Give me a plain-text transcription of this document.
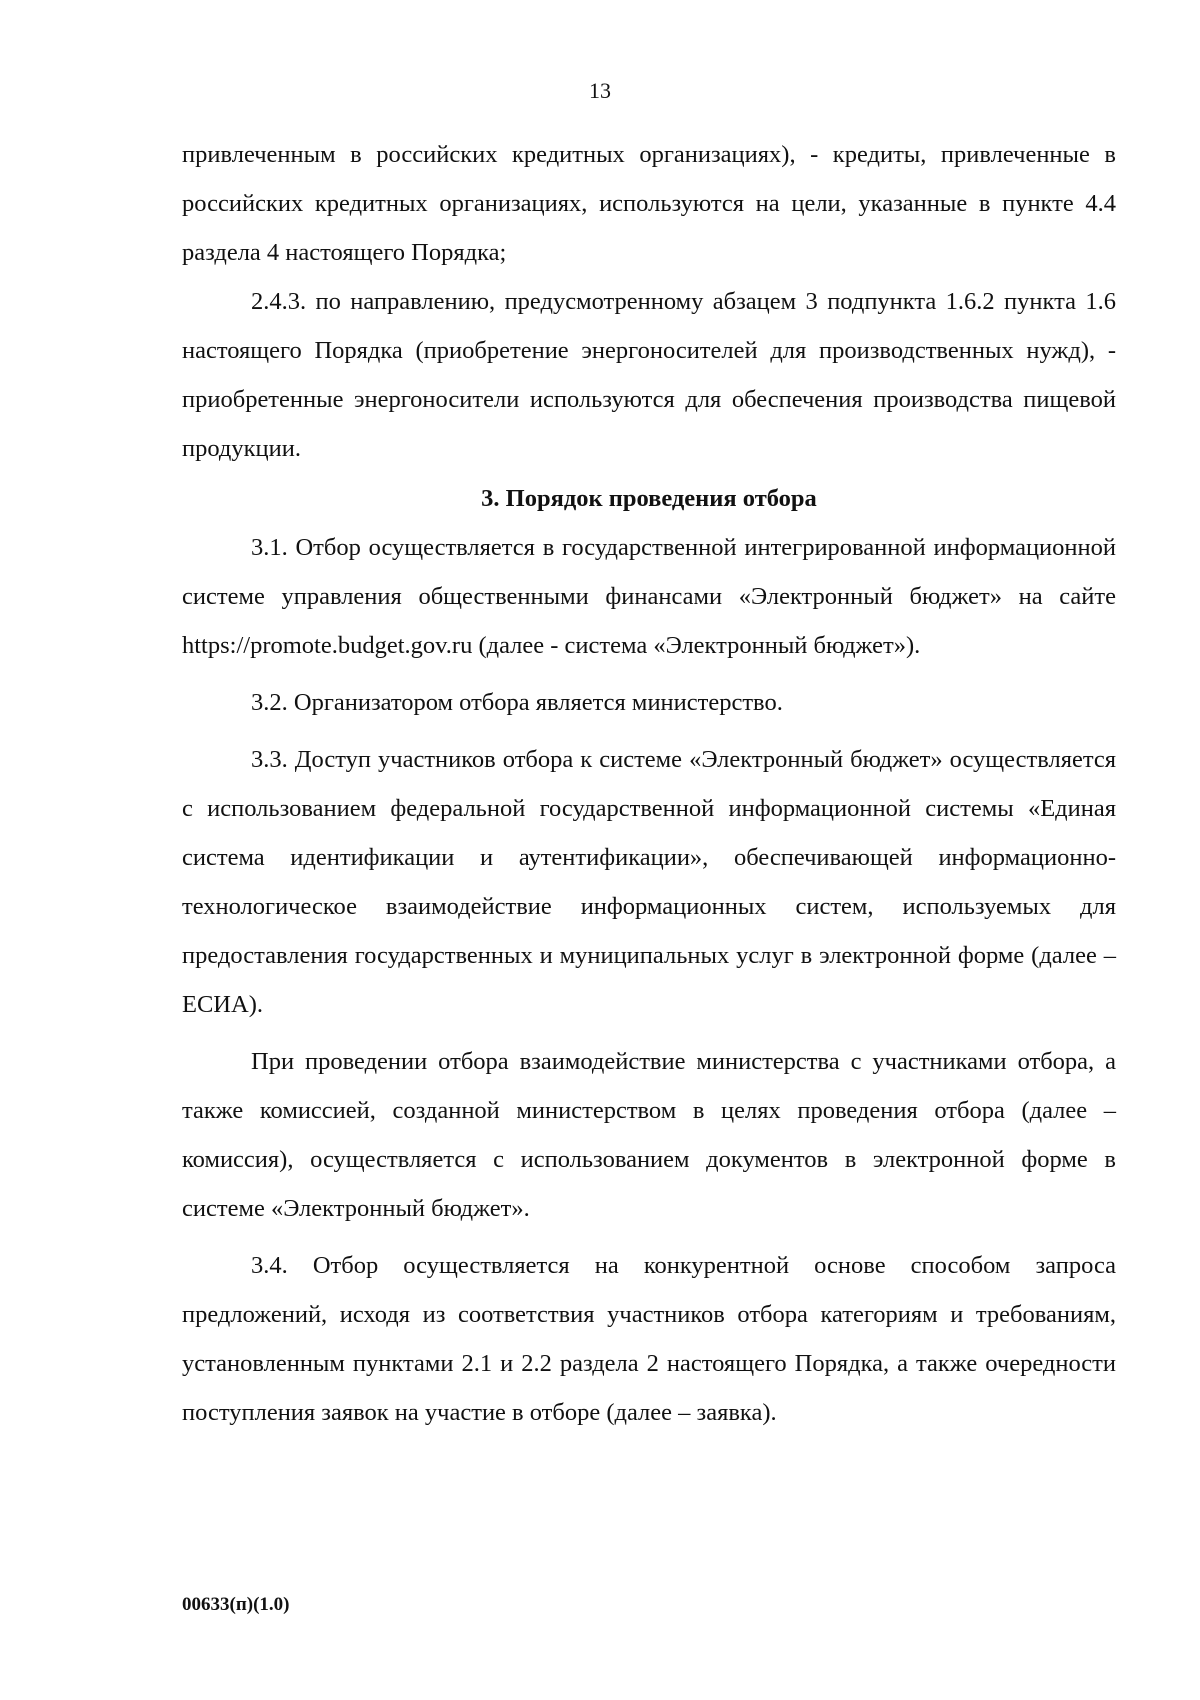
13

привлеченным в российских кредитных организациях), - кредиты, привлеченные в российских кредитных организациях, используются на цели, указанные в пункте 4.4 раздела 4 настоящего Порядка;

2.4.3. по направлению, предусмотренному абзацем 3 подпункта 1.6.2 пункта 1.6 настоящего Порядка (приобретение энергоносителей для производственных нужд), - приобретенные энергоносители используются для обеспечения производства пищевой продукции.

3. Порядок проведения отбора

3.1. Отбор осуществляется в государственной интегрированной информационной системе управления общественными финансами «Электронный бюджет» на сайте https://promote.budget.gov.ru (далее - система «Электронный бюджет»).

3.2. Организатором отбора является министерство.

3.3. Доступ участников отбора к системе «Электронный бюджет» осуществляется с использованием федеральной государственной информационной системы «Единая система идентификации и аутентификации», обеспечивающей информационно-технологическое взаимодействие информационных систем, используемых для предоставления государственных и муниципальных услуг в электронной форме (далее – ЕСИА).

При проведении отбора взаимодействие министерства с участниками отбора, а также комиссией, созданной министерством в целях проведения отбора (далее – комиссия), осуществляется с использованием документов в электронной форме в системе «Электронный бюджет».

3.4. Отбор осуществляется на конкурентной основе способом запроса предложений, исходя из соответствия участников отбора категориям и требованиям, установленным пунктами 2.1 и 2.2 раздела 2 настоящего Порядка, а также очередности поступления заявок на участие в отборе (далее – заявка).

00633(п)(1.0)
